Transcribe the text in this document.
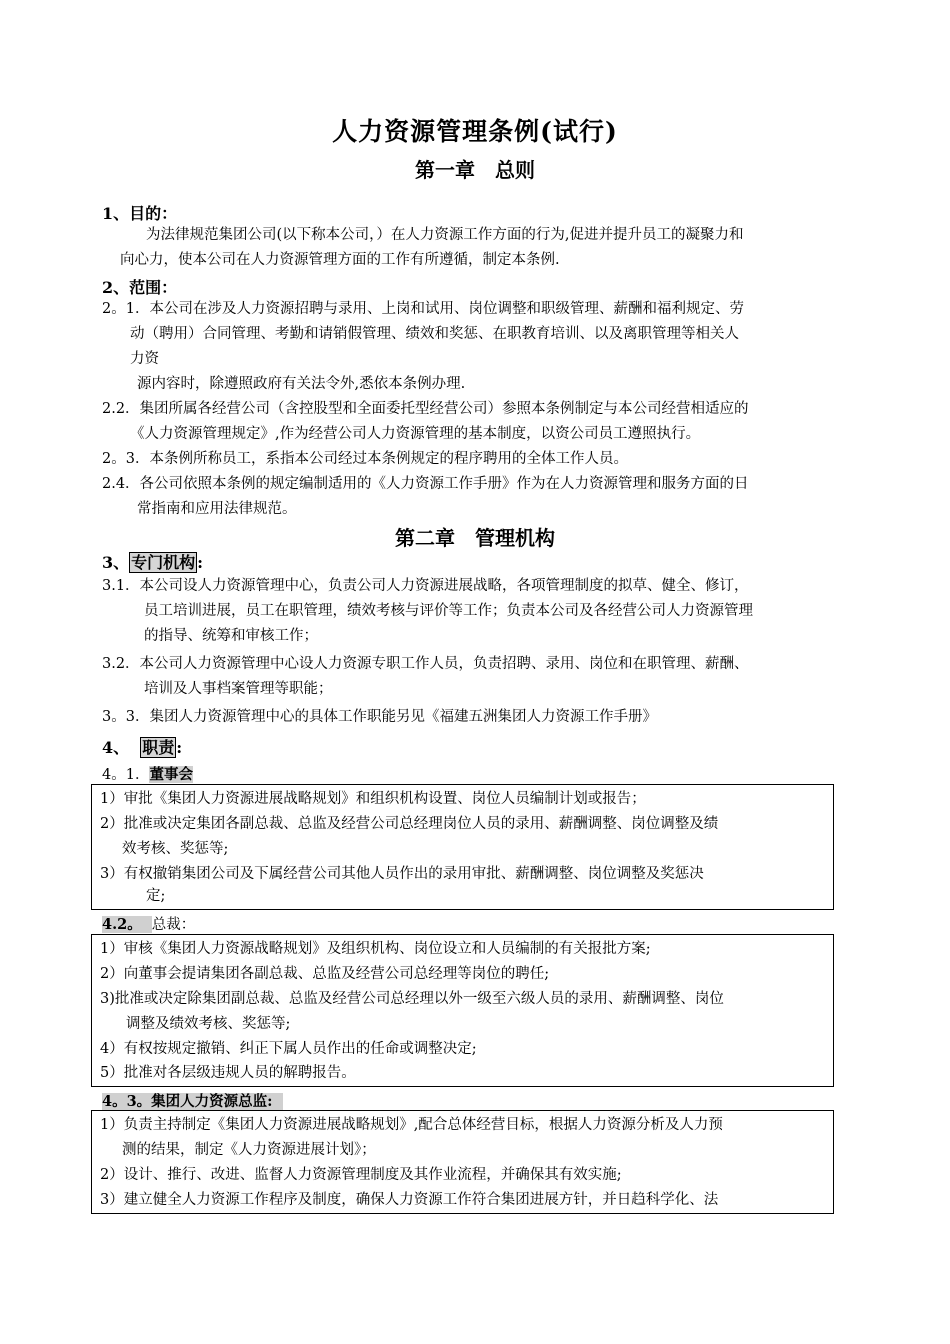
人力资源管理条例(试行)
第一章　总则
1、目的：
为法律规范集团公司(以下称本公司，）在人力资源工作方面的行为,促进并提升员工的凝聚力和
向心力，使本公司在人力资源管理方面的工作有所遵循，制定本条例.
2、范围：
2。1．本公司在涉及人力资源招聘与录用、上岗和试用、岗位调整和职级管理、薪酬和福利规定、劳
动（聘用）合同管理、考勤和请销假管理、绩效和奖惩、在职教育培训、以及离职管理等相关人
力资
源内容时，除遵照政府有关法令外,悉依本条例办理.
2.2．集团所属各经营公司（含控股型和全面委托型经营公司）参照本条例制定与本公司经营相适应的
《人力资源管理规定》,作为经营公司人力资源管理的基本制度，以资公司员工遵照执行。
2。3．本条例所称员工，系指本公司经过本条例规定的程序聘用的全体工作人员。
2.4．各公司依照本条例的规定编制适用的《人力资源工作手册》作为在人力资源管理和服务方面的日
常指南和应用法律规范。
第二章　管理机构
3、 专门机构 :
3.1．本公司设人力资源管理中心，负责公司人力资源进展战略，各项管理制度的拟草、健全、修订，
员工培训进展，员工在职管理，绩效考核与评价等工作；负责本公司及各经营公司人力资源管理
的指导、统筹和审核工作；
3.2．本公司人力资源管理中心设人力资源专职工作人员，负责招聘、录用、岗位和在职管理、薪酬、
培训及人事档案管理等职能；
3。3．集团人力资源管理中心的具体工作职能另见《福建五洲集团人力资源工作手册》
4、 职责 :
4。1．董事会
1）审批《集团人力资源进展战略规划》和组织机构设置、岗位人员编制计划或报告；
2）批准或决定集团各副总裁、总监及经营公司总经理岗位人员的录用、薪酬调整、岗位调整及绩
效考核、奖惩等;
3）有权撤销集团公司及下属经营公司其他人员作出的录用审批、薪酬调整、岗位调整及奖惩决
定;
4.2。 总裁：
1）审核《集团人力资源战略规划》及组织机构、岗位设立和人员编制的有关报批方案;
2）向董事会提请集团各副总裁、总监及经营公司总经理等岗位的聘任;
3)批准或决定除集团副总裁、总监及经营公司总经理以外一级至六级人员的录用、薪酬调整、岗位
调整及绩效考核、奖惩等;
4）有权按规定撤销、纠正下属人员作出的任命或调整决定;
5）批准对各层级违规人员的解聘报告。
4。3。集团人力资源总监:
1）负责主持制定《集团人力资源进展战略规划》,配合总体经营目标，根据人力资源分析及人力预
测的结果，制定《人力资源进展计划》；
2）设计、推行、改进、监督人力资源管理制度及其作业流程，并确保其有效实施;
3）建立健全人力资源工作程序及制度，确保人力资源工作符合集团进展方针，并日趋科学化、法
